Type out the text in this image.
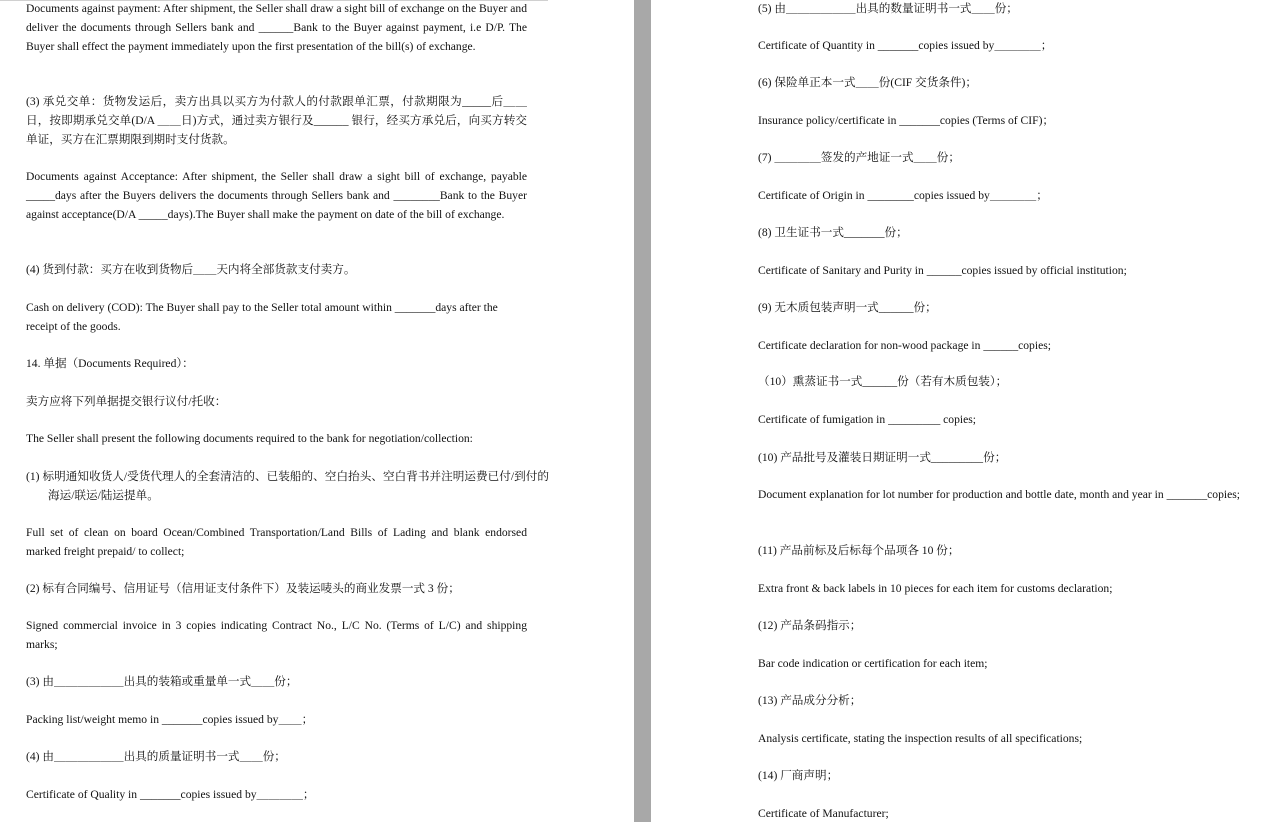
Documents against payment: After shipment, the Seller shall draw a sight bill of exchange on the Buyer and deliver the documents through Sellers bank and ______Bank to the Buyer against payment, i.e D/P. The Buyer shall effect the payment immediately upon the first presentation of the bill(s) of exchange.

(3) 承兑交单：货物发运后，卖方出具以买方为付款人的付款跟单汇票，付款期限为_____后＿＿日，按即期承兑交单(D/A ＿＿日)方式，通过卖方银行及______ 银行，经买方承兑后，向买方转交单证，买方在汇票期限到期时支付货款。

Documents against Acceptance: After shipment, the Seller shall draw a sight bill of exchange, payable _____days after the Buyers delivers the documents through Sellers bank and ________Bank to the Buyer against acceptance(D/A _____days).The Buyer shall make the payment on date of the bill of exchange.

(4) 货到付款：买方在收到货物后＿＿天内将全部货款支付卖方。

Cash on delivery (COD): The Buyer shall pay to the Seller total amount within _______days after the receipt of the goods.

14. 单据（Documents Required）：

卖方应将下列单据提交银行议付/托收：

The Seller shall present the following documents required to the bank for negotiation/collection:

(1) 标明通知收货人/受货代理人的全套清洁的、已装船的、空白抬头、空白背书并注明运费已付/到付的海运/联运/陆运提单。

Full set of clean on board Ocean/Combined Transportation/Land Bills of Lading and blank endorsed marked freight prepaid/ to collect;

(2) 标有合同编号、信用证号（信用证支付条件下）及装运唛头的商业发票一式 3 份；

Signed commercial invoice in 3 copies indicating Contract No., L/C No. (Terms of L/C) and shipping marks;

(3) 由＿＿＿＿＿＿出具的装箱或重量单一式＿＿份；

Packing list/weight memo in _______copies issued by＿＿；

(4) 由＿＿＿＿＿＿出具的质量证明书一式＿＿份；

Certificate of Quality in _______copies issued by＿＿＿＿；

(5) 由＿＿＿＿＿＿出具的数量证明书一式＿＿份；

Certificate of Quantity in _______copies issued by＿＿＿＿；

(6) 保险单正本一式＿＿份(CIF 交货条件)；

Insurance policy/certificate in _______copies (Terms of CIF)；

(7) ＿＿＿＿签发的产地证一式＿＿份；

Certificate of Origin in ________copies issued by＿＿＿＿；

(8) 卫生证书一式_______份；

Certificate of Sanitary and Purity in ______copies issued by official institution;

(9) 无木质包装声明一式______份；

Certificate declaration for non-wood package in ______copies;

（10）熏蒸证书一式______份（若有木质包装）；

Certificate of fumigation in _________ copies;

(10) 产品批号及灌装日期证明一式_________份；

Document explanation for lot number for production and bottle date, month and year in _______copies;

(11) 产品前标及后标每个品项各 10 份；

Extra front & back labels in 10 pieces for each item for customs declaration;

(12) 产品条码指示；

Bar code indication or certification for each item;

(13) 产品成分分析；

Analysis certificate, stating the inspection results of all specifications;

(14) 厂商声明；

Certificate of Manufacturer;
